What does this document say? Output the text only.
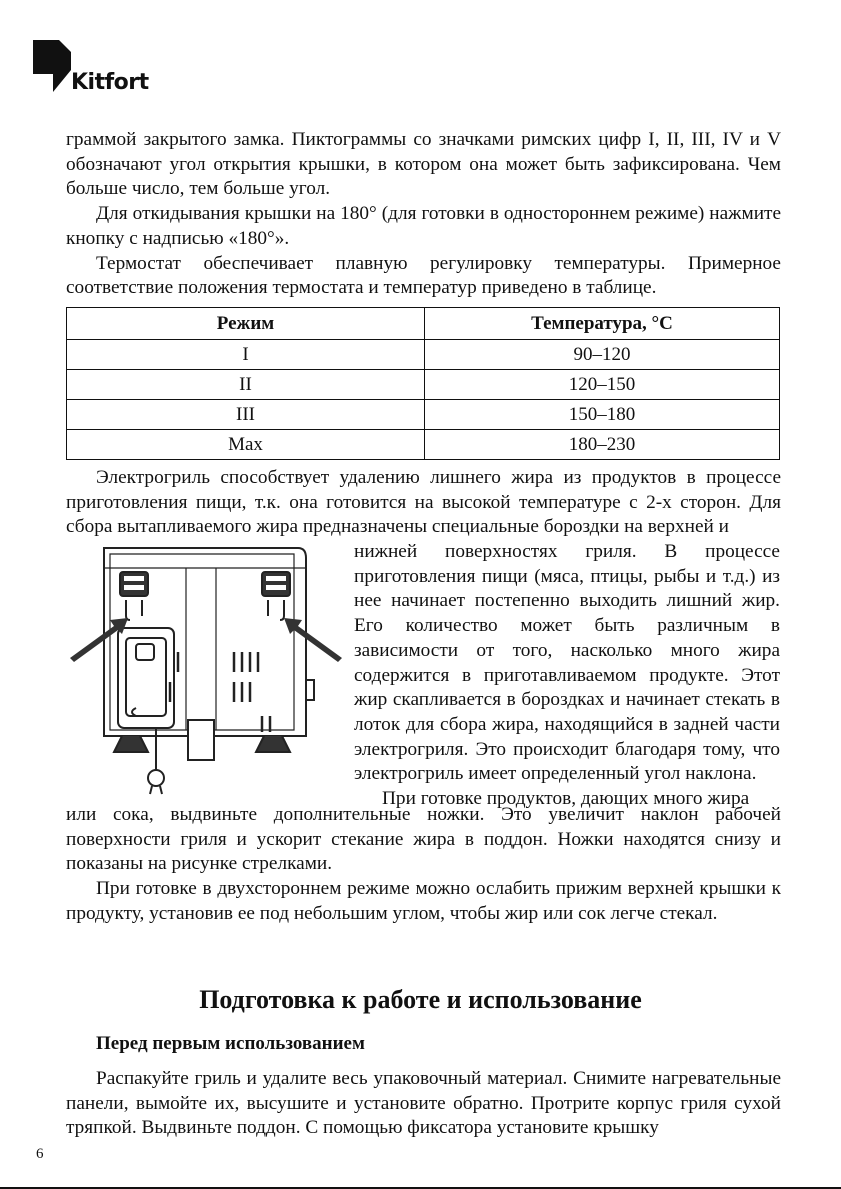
Kitfort

граммой закрытого замка. Пиктограммы со значками римских цифр I, II, III, IV и V обозначают угол открытия крышки, в котором она может быть зафиксирована. Чем больше число, тем больше угол.

Для откидывания крышки на 180° (для готовки в одностороннем режиме) нажмите кнопку с надписью «180°».

Термостат обеспечивает плавную регулировку температуры. Примерное соответствие положения термостата и температур приведено в таблице.

Режим	Температура, °C
I	90–120
II	120–150
III	150–180
Max	180–230

Электрогриль способствует удалению лишнего жира из продуктов в процессе приготовления пищи, т.к. она готовится на высокой температуре с 2-х сторон. Для сбора вытапливаемого жира предназначены специальные бороздки на верхней и

нижней поверхностях гриля. В процессе приготовления пищи (мяса, птицы, рыбы и т.д.) из нее начинает постепенно выходить лишний жир. Его количество может быть различным в зависимости от того, насколько много жира содержится в приготавливаемом продукте. Этот жир скапливается в бороздках и начинает стекать в лоток для сбора жира, находящийся в задней части электрогриля. Это происходит благодаря тому, что электрогриль имеет определенный угол наклона.

При готовке продуктов, дающих много жира

или сока, выдвиньте дополнительные ножки. Это увеличит наклон рабочей поверхности гриля и ускорит стекание жира в поддон. Ножки находятся снизу и показаны на рисунке стрелками.

При готовке в двухстороннем режиме можно ослабить прижим верхней крышки к продукту, установив ее под небольшим углом, чтобы жир или сок легче стекал.

Подготовка к работе и использование
Перед первым использованием

Распакуйте гриль и удалите весь упаковочный материал. Снимите нагревательные панели, вымойте их, высушите и установите обратно. Протрите корпус гриля сухой тряпкой. Выдвиньте поддон. С помощью фиксатора установите крышку

6
